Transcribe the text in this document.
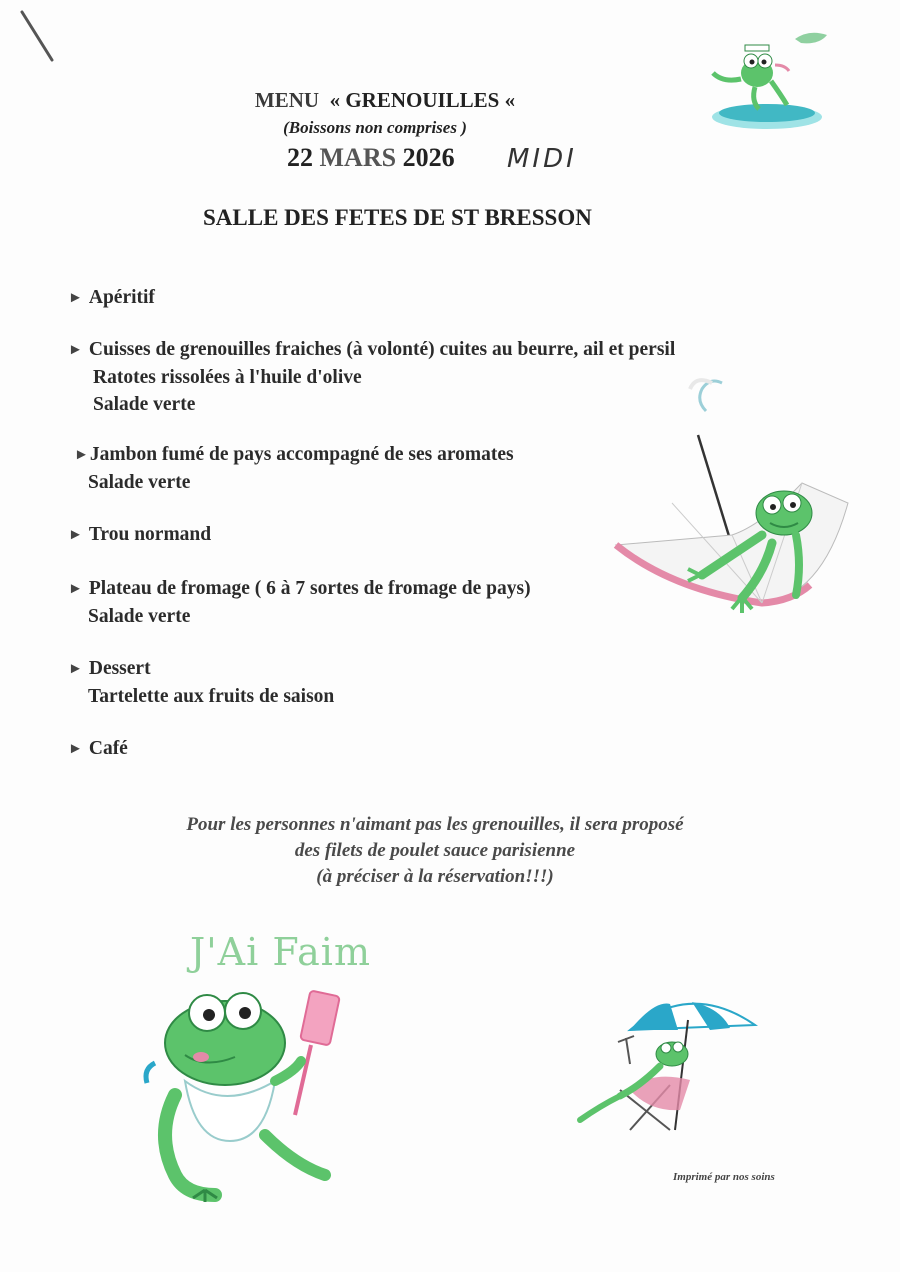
MENU « GRENOUILLES «
(Boissons non comprises )
22 MARS 2026 MIDI
SALLE DES FETES DE ST BRESSON
► Apéritif
► Cuisses de grenouilles fraiches (à volonté) cuites au beurre, ail et persil
Ratotes rissolées à l'huile d'olive
Salade verte
►Jambon fumé de pays accompagné de ses aromates
Salade verte
► Trou normand
► Plateau de fromage ( 6 à 7 sortes de fromage de pays)
Salade verte
► Dessert
Tartelette aux fruits de saison
► Café
Pour les personnes n'aimant pas les grenouilles, il sera proposé
des filets de poulet sauce parisienne
(à préciser à la réservation!!!)
J'Ai Faim
Imprimé par nos soins
